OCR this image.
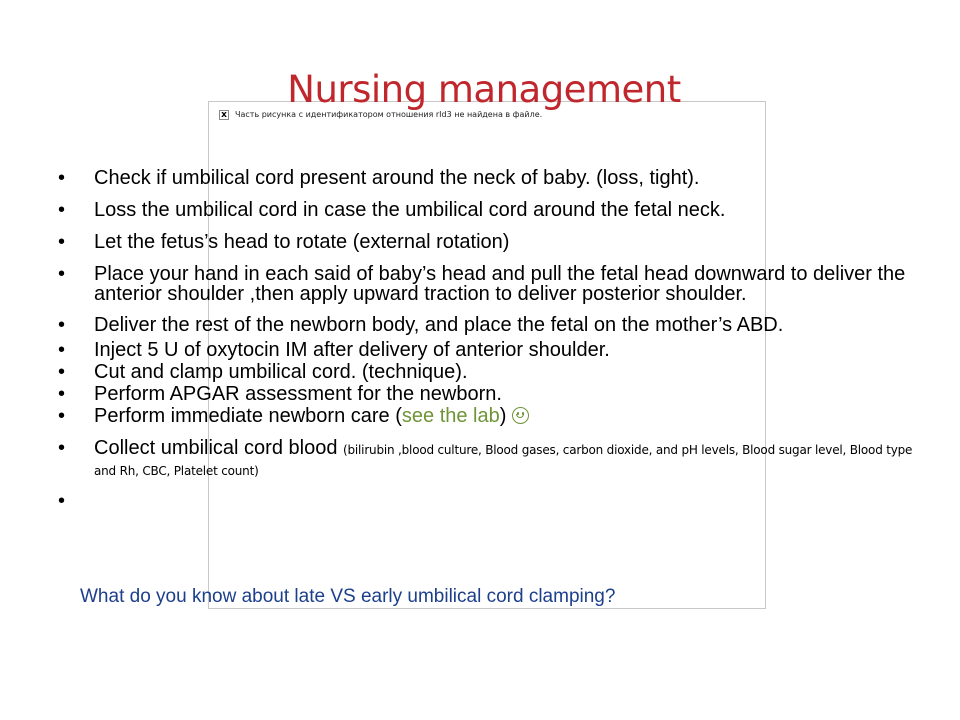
x Часть рисунка с идентификатором отношения rId3 не найдена в файле.
Nursing management
• Check if umbilical cord present around the neck of baby. (loss, tight).
• Loss the umbilical cord in case the umbilical cord around the fetal neck.
• Let the fetus’s head to rotate (external rotation)
• Place your hand in each said of baby’s head and pull the fetal head downward to deliver the anterior shoulder ,then apply upward traction to deliver posterior shoulder.
• Deliver the rest of the newborn body, and place the fetal on the mother’s ABD.
• Inject 5 U of oxytocin IM after delivery of anterior shoulder.
• Cut and clamp umbilical cord. (technique).
• Perform APGAR assessment for the newborn.
• Perform immediate newborn care (see the lab)
• Collect umbilical cord blood (bilirubin ,blood culture, Blood gases, carbon dioxide, and pH levels, Blood sugar level, Blood type and Rh, CBC, Platelet count)
What do you know about late VS early umbilical cord clamping?
